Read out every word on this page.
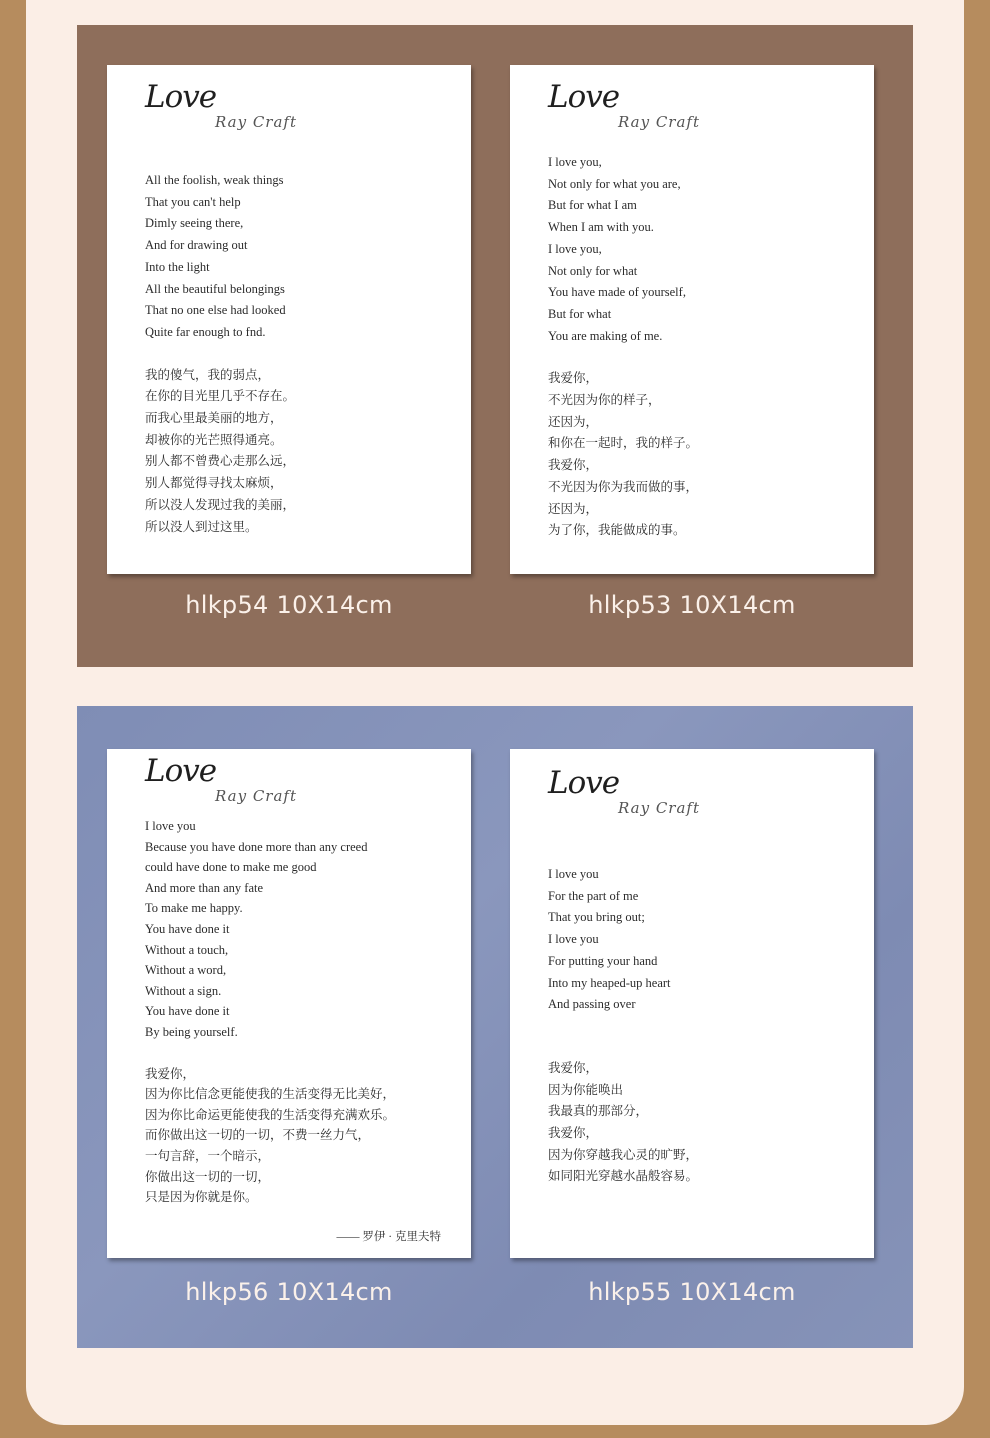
Love
Ray Craft
All the foolish, weak things
That you can't help
Dimly seeing there,
And for drawing out
Into the light
All the beautiful belongings
That no one else had looked
Quite far enough to fnd.
我的傻气，我的弱点，
在你的目光里几乎不存在。
而我心里最美丽的地方，
却被你的光芒照得通亮。
别人都不曾费心走那么远，
别人都觉得寻找太麻烦，
所以没人发现过我的美丽，
所以没人到过这里。
hlkp54 10X14cm
Love
Ray Craft
I love you,
Not only for what you are,
But for what I am
When I am with you.
I love you,
Not only for what
You have made of yourself,
But for what
You are making of me.
我爱你，
不光因为你的样子，
还因为，
和你在一起时，我的样子。
我爱你，
不光因为你为我而做的事，
还因为，
为了你，我能做成的事。
hlkp53 10X14cm
Love
Ray Craft
I love you
Because you have done more than any creed
could have done to make me good
And more than any fate
To make me happy.
You have done it
Without a touch,
Without a word,
Without a sign.
You have done it
By being yourself.
我爱你，
因为你比信念更能使我的生活变得无比美好，
因为你比命运更能使我的生活变得充满欢乐。
而你做出这一切的一切，不费一丝力气，
一句言辞，一个暗示，
你做出这一切的一切，
只是因为你就是你。
—— 罗伊 · 克里夫特
hlkp56 10X14cm
Love
Ray Craft
I love you
For the part of me
That you bring out;
I love you
For putting your hand
Into my heaped-up heart
And passing over
我爱你，
因为你能唤出
我最真的那部分，
我爱你，
因为你穿越我心灵的旷野，
如同阳光穿越水晶般容易。
hlkp55 10X14cm
